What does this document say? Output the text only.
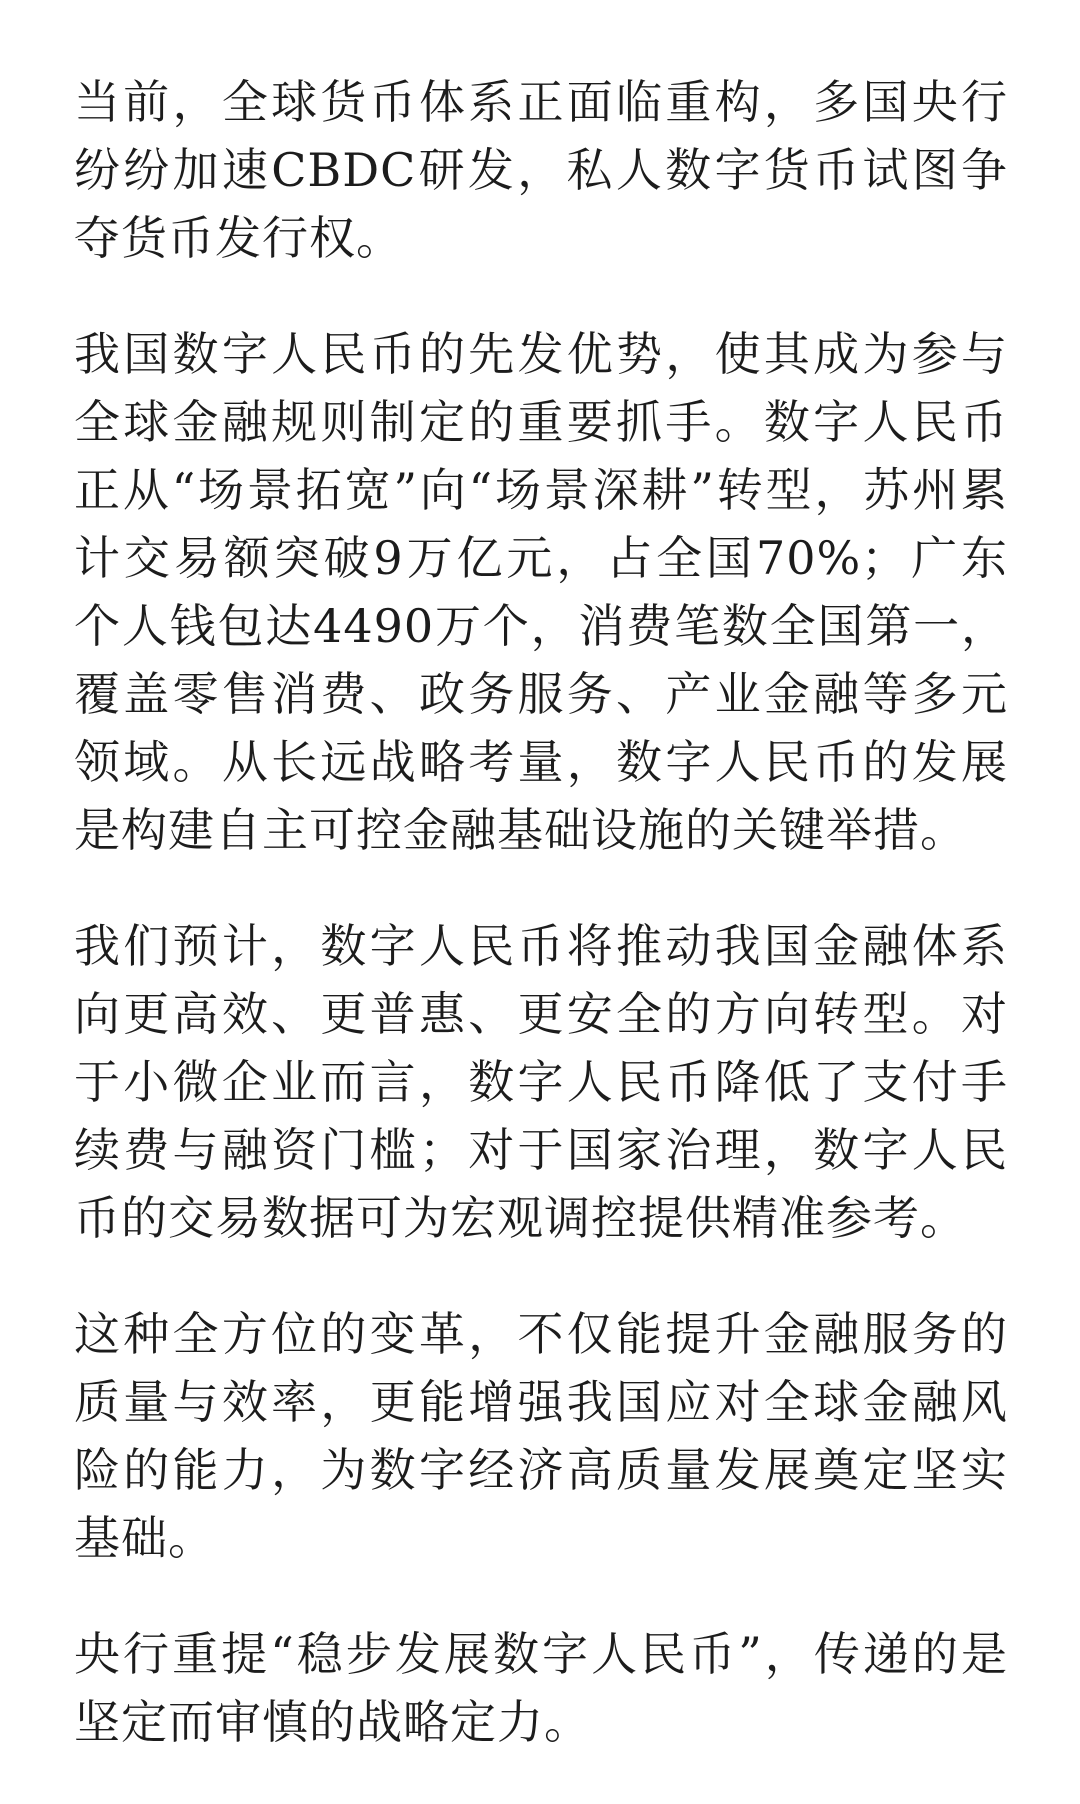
当前，全球货币体系正面临重构，多国央行纷纷加速CBDC研发，私人数字货币试图争夺货币发行权。

我国数字人民币的先发优势，使其成为参与全球金融规则制定的重要抓手。数字人民币正从“场景拓宽”向“场景深耕”转型，苏州累计交易额突破9万亿元，占全国70%；广东个人钱包达4490万个，消费笔数全国第一，覆盖零售消费、政务服务、产业金融等多元领域。从长远战略考量，数字人民币的发展是构建自主可控金融基础设施的关键举措。

我们预计，数字人民币将推动我国金融体系向更高效、更普惠、更安全的方向转型。对于小微企业而言，数字人民币降低了支付手续费与融资门槛；对于国家治理，数字人民币的交易数据可为宏观调控提供精准参考。

这种全方位的变革，不仅能提升金融服务的质量与效率，更能增强我国应对全球金融风险的能力，为数字经济高质量发展奠定坚实基础。

央行重提“稳步发展数字人民币”，传递的是坚定而审慎的战略定力。
